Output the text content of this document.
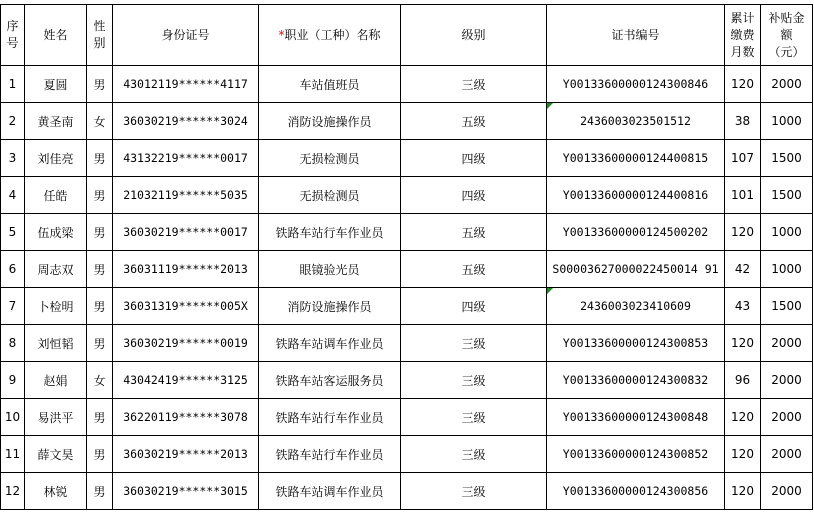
序号	姓名	性别	身份证号	*职业（工种）名称	级别	证书编号	累计缴费月数	补贴金额（元）
1	夏圆	男	43012119******4117	车站值班员	三级	Y00133600000124300846	120	2000
2	黄圣南	女	36030219******3024	消防设施操作员	五级	2436003023501512	38	1000
3	刘佳亮	男	43132219******0017	无损检测员	四级	Y00133600000124400815	107	1500
4	任皓	男	21032119******5035	无损检测员	四级	Y00133600000124400816	101	1500
5	伍成梁	男	36030219******0017	铁路车站行车作业员	五级	Y00133600000124500202	120	1000
6	周志双	男	36031119******2013	眼镜验光员	五级	S00003627000022450014 91	42	1000
7	卜检明	男	36031319******005X	消防设施操作员	四级	2436003023410609	43	1500
8	刘恒韬	男	36030219******0019	铁路车站调车作业员	三级	Y00133600000124300853	120	2000
9	赵娟	女	43042419******3125	铁路车站客运服务员	三级	Y00133600000124300832	96	2000
10	易洪平	男	36220119******3078	铁路车站行车作业员	三级	Y00133600000124300848	120	2000
11	薛文昊	男	36030219******2013	铁路车站行车作业员	三级	Y00133600000124300852	120	2000
12	林锐	男	36030219******3015	铁路车站调车作业员	三级	Y00133600000124300856	120	2000
